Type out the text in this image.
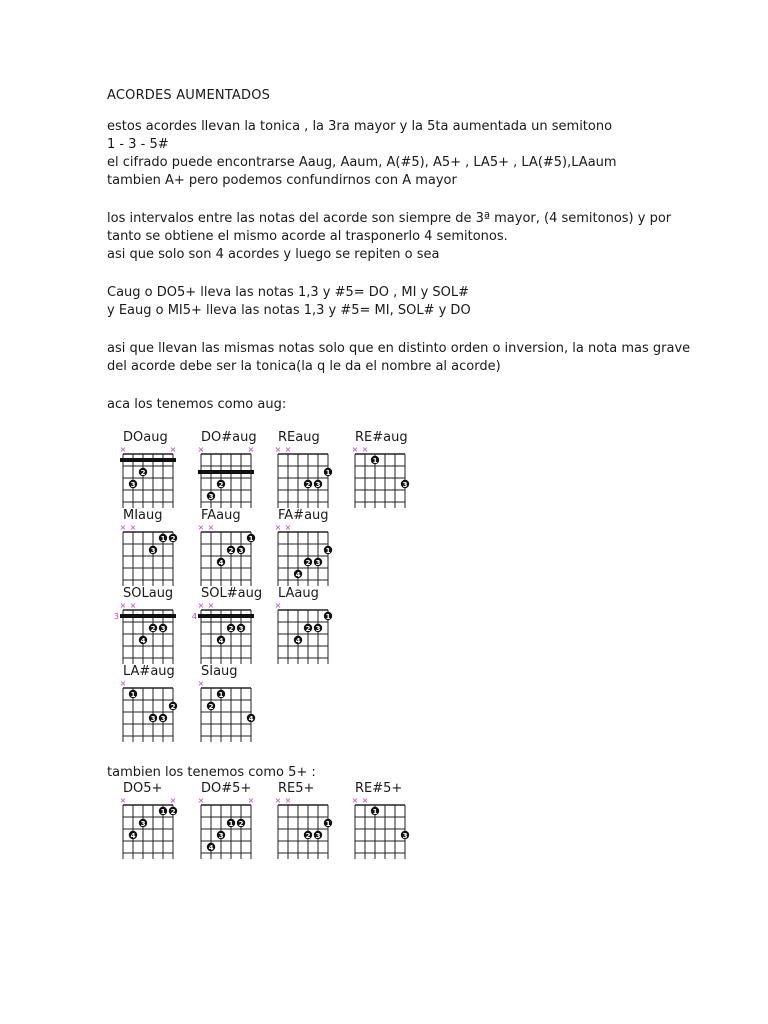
ACORDES AUMENTADOS
estos acordes llevan la tonica , la 3ra mayor y la 5ta aumentada un semitono
1 - 3 - 5#
el cifrado puede encontrarse Aaug, Aaum, A(#5), A5+ , LA5+ , LA(#5),LAaum
tambien A+ pero podemos confundirnos con A mayor
los intervalos entre las notas del acorde son siempre de 3ª mayor, (4 semitonos) y por
tanto se obtiene el mismo acorde al trasponerlo 4 semitonos.
asi que solo son 4 acordes y luego se repiten o sea
Caug o DO5+ lleva las notas 1,3 y #5= DO , MI y SOL#
y Eaug o MI5+ lleva las notas 1,3 y #5= MI, SOL# y DO
asi que llevan las mismas notas solo que en distinto orden o inversion, la nota mas grave
del acorde debe ser la tonica(la q le da el nombre al acorde)
aca los tenemos como aug:
tambien los tenemos como 5+ :
DOaug
×	×
2
3
DO#aug
×	×
2
3
REaug
× ×
1
2 3
RE#aug
× ×
1
3
MIaug
× ×
1 2
3
FAaug
× ×
1
2 3
4
FA#aug
× ×
1
2 3
4
SOLaug
× ×
3
2 3
4
SOL#aug
× ×
4
2 3
4
LAaug
×
1
2 3
4
LA#aug
×
1
2
3 3
SIaug
×
1
2
4
DO5+
×	×
1 2
3
4
DO#5+
×	×
1 2
3
4
RE5+
× ×
1
2 3
RE#5+
× ×
1
3
